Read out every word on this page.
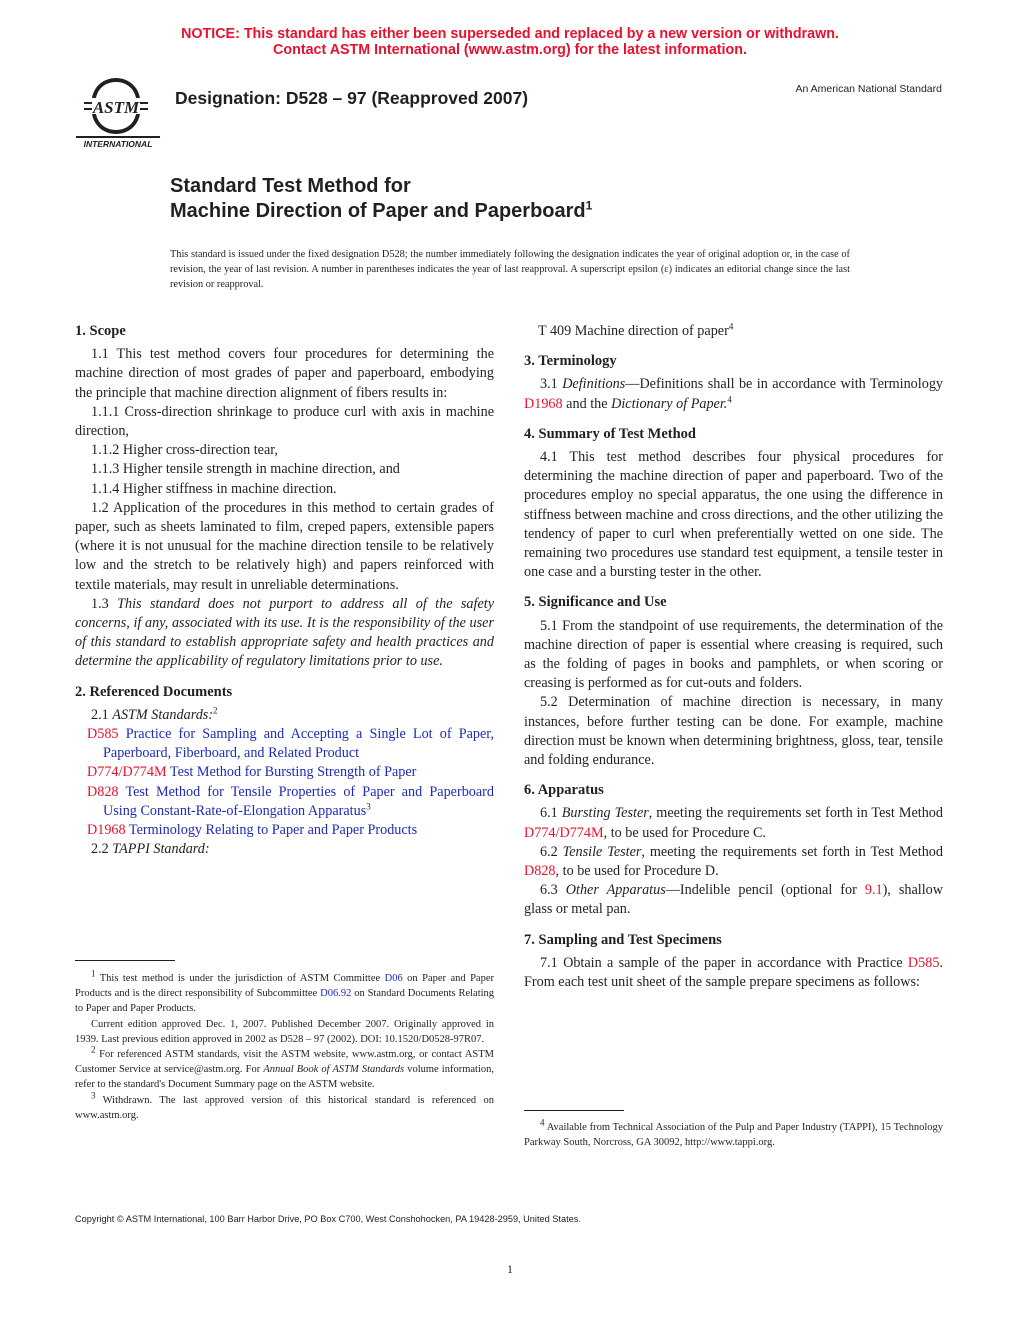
NOTICE: This standard has either been superseded and replaced by a new version or withdrawn.
Contact ASTM International (www.astm.org) for the latest information.
ASTM
INTERNATIONAL
Designation: D528 – 97 (Reapproved 2007)	An American National Standard
Standard Test Method for
Machine Direction of Paper and Paperboard$^1$
This standard is issued under the fixed designation D528; the number immediately following the designation indicates the year of original adoption or, in the case of revision, the year of last revision. A number in parentheses indicates the year of last reapproval. A superscript epsilon (ε) indicates an editorial change since the last revision or reapproval.
1. Scope

1.1 This test method covers four procedures for determining the machine direction of most grades of paper and paperboard, embodying the principle that machine direction alignment of fibers results in:

1.1.1 Cross-direction shrinkage to produce curl with axis in machine direction,

1.1.2 Higher cross-direction tear,

1.1.3 Higher tensile strength in machine direction, and

1.1.4 Higher stiffness in machine direction.

1.2 Application of the procedures in this method to certain grades of paper, such as sheets laminated to film, creped papers, extensible papers (where it is not unusual for the machine direction tensile to be relatively low and the stretch to be relatively high) and papers reinforced with textile materials, may result in unreliable determinations.

1.3 This standard does not purport to address all of the safety concerns, if any, associated with its use. It is the responsibility of the user of this standard to establish appropriate safety and health practices and determine the applicability of regulatory limitations prior to use.

2. Referenced Documents

2.1 ASTM Standards:$^2$

D585 Practice for Sampling and Accepting a Single Lot of Paper, Paperboard, Fiberboard, and Related Product

D774/D774M Test Method for Bursting Strength of Paper

D828 Test Method for Tensile Properties of Paper and Paperboard Using Constant-Rate-of-Elongation Apparatus$^3$

D1968 Terminology Relating to Paper and Paper Products

2.2 TAPPI Standard:

$^1$ This test method is under the jurisdiction of ASTM Committee D06 on Paper and Paper Products and is the direct responsibility of Subcommittee D06.92 on Standard Documents Relating to Paper and Paper Products.

Current edition approved Dec. 1, 2007. Published December 2007. Originally approved in 1939. Last previous edition approved in 2002 as D528 – 97 (2002). DOI: 10.1520/D0528-97R07.

$^2$ For referenced ASTM standards, visit the ASTM website, www.astm.org, or contact ASTM Customer Service at service@astm.org. For Annual Book of ASTM Standards volume information, refer to the standard's Document Summary page on the ASTM website.

$^3$ Withdrawn. The last approved version of this historical standard is referenced on www.astm.org.

T 409 Machine direction of paper$^4$

3. Terminology

3.1 Definitions—Definitions shall be in accordance with Terminology D1968 and the Dictionary of Paper.$^4$

4. Summary of Test Method

4.1 This test method describes four physical procedures for determining the machine direction of paper and paperboard. Two of the procedures employ no special apparatus, the one using the difference in stiffness between machine and cross directions, and the other utilizing the tendency of paper to curl when preferentially wetted on one side. The remaining two procedures use standard test equipment, a tensile tester in one case and a bursting tester in the other.

5. Significance and Use

5.1 From the standpoint of use requirements, the determination of the machine direction of paper is essential where creasing is required, such as the folding of pages in books and pamphlets, or when scoring or creasing is performed as for cut-outs and folders.

5.2 Determination of machine direction is necessary, in many instances, before further testing can be done. For example, machine direction must be known when determining brightness, gloss, tear, tensile and folding endurance.

6. Apparatus

6.1 Bursting Tester, meeting the requirements set forth in Test Method D774/D774M, to be used for Procedure C.

6.2 Tensile Tester, meeting the requirements set forth in Test Method D828, to be used for Procedure D.

6.3 Other Apparatus—Indelible pencil (optional for 9.1), shallow glass or metal pan.

7. Sampling and Test Specimens

7.1 Obtain a sample of the paper in accordance with Practice D585. From each test unit sheet of the sample prepare specimens as follows:

$^4$ Available from Technical Association of the Pulp and Paper Industry (TAPPI), 15 Technology Parkway South, Norcross, GA 30092, http://www.tappi.org.

Copyright © ASTM International, 100 Barr Harbor Drive, PO Box C700, West Conshohocken, PA 19428-2959, United States.
1
